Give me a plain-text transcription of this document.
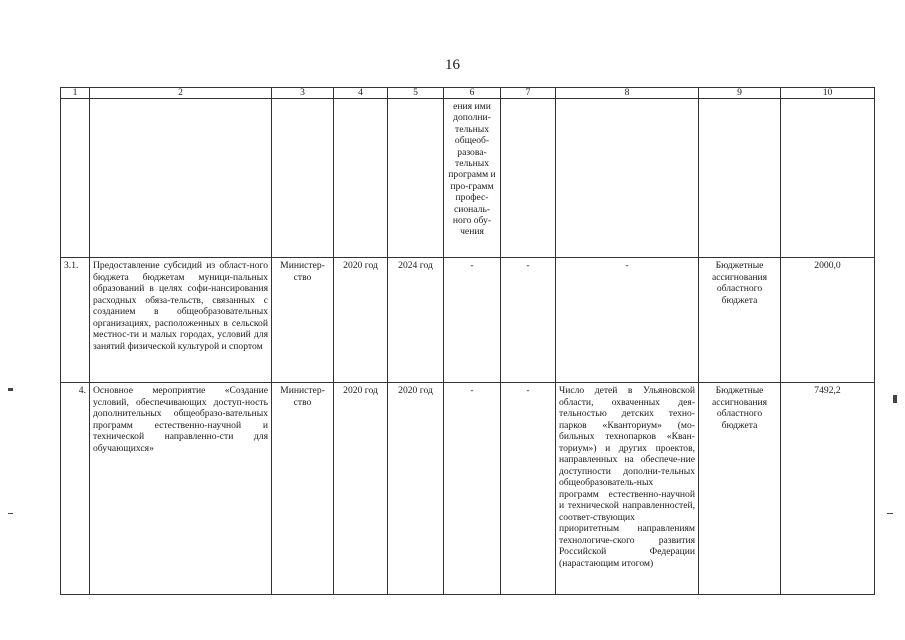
16
1	2	3	4	5	6	7	8	9	10
					ения ими дополни-тельных общеоб-разова-тельных программ и про-грамм профес-сиональ-ного обу-чения				
3.1.	Предоставление субсидий из област-ного бюджета бюджетам муници-пальных образований в целях софи-нансирования расходных обяза-тельств, связанных с созданием в общеобразовательных организациях, расположенных в сельской местнос-ти и малых городах, условий для занятий физической культурой и спортом	Министер-ство	2020 год	2024 год	-	-	-	Бюджетные ассигнования областного бюджета	2000,0
4.	Основное мероприятие «Создание условий, обеспечивающих доступ-ность дополнительных общеобразо-вательных программ естественно-научной и технической направленно-сти для обучающихся»	Министер-ство	2020 год	2020 год	-	-	Число детей в Ульяновской области, охваченных дея-тельностью детских техно-парков «Кванториум» (мо-бильных технопарков «Кван-ториум») и других проектов, направленных на обеспече-ние доступности дополни-тельных общеобразователь-ных программ естественно-научной и технической направленностей, соответ-ствующих приоритетным направлениям технологиче-ского развития Российской Федерации (нарастающим итогом)	Бюджетные ассигнования областного бюджета	7492,2
